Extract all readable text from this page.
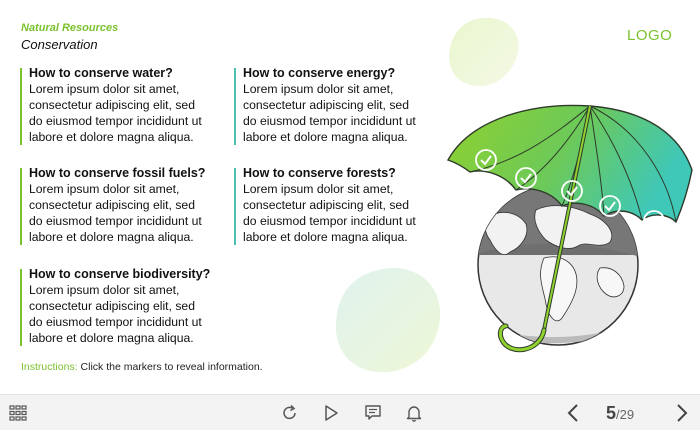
Natural Resources
Conservation
LOGO
How to conserve water?

Lorem ipsum dolor sit amet,

consectetur adipiscing elit, sed

do eiusmod tempor incididunt ut

labore et dolore magna aliqua.

How to conserve energy?

Lorem ipsum dolor sit amet,

consectetur adipiscing elit, sed

do eiusmod tempor incididunt ut

labore et dolore magna aliqua.

How to conserve fossil fuels?

Lorem ipsum dolor sit amet,

consectetur adipiscing elit, sed

do eiusmod tempor incididunt ut

labore et dolore magna aliqua.

How to conserve forests?

Lorem ipsum dolor sit amet,

consectetur adipiscing elit, sed

do eiusmod tempor incididunt ut

labore et dolore magna aliqua.

How to conserve biodiversity?

Lorem ipsum dolor sit amet,

consectetur adipiscing elit, sed

do eiusmod tempor incididunt ut

labore et dolore magna aliqua.

Instructions: Click the markers to reveal information.
5/29
